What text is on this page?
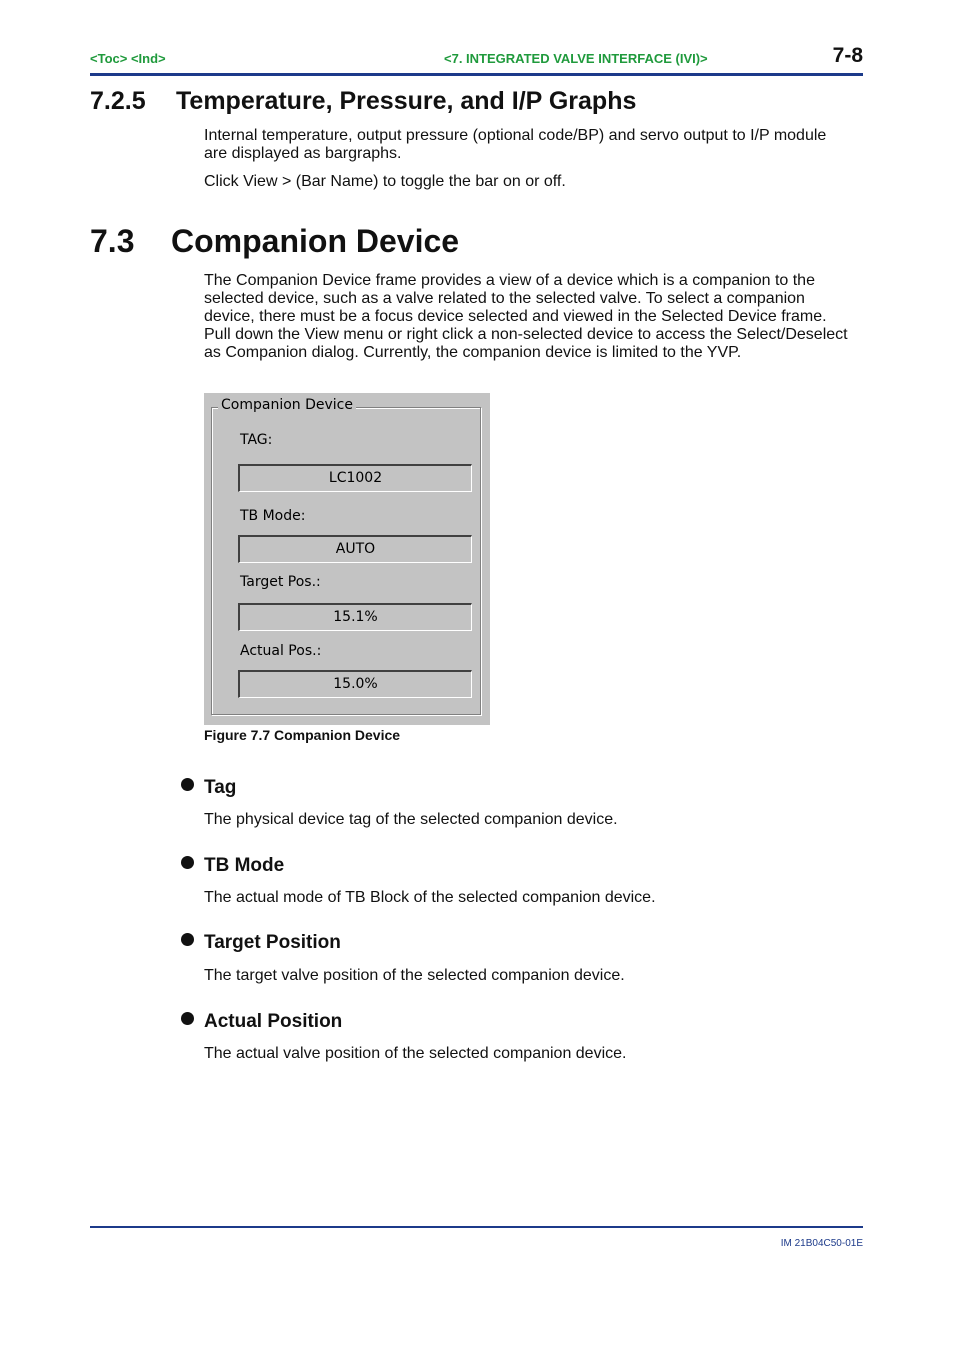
<Toc> <Ind>	<7. INTEGRATED VALVE INTERFACE (IVI)>	7-8
7.2.5 Temperature, Pressure, and I/P Graphs
Internal temperature, output pressure (optional code/BP) and servo output to I/P module
are displayed as bargraphs.
Click View > (Bar Name) to toggle the bar on or off.
7.3 Companion Device
The Companion Device frame provides a view of a device which is a companion to the
selected device, such as a valve related to the selected valve. To select a companion
device, there must be a focus device selected and viewed in the Selected Device frame.
Pull down the View menu or right click a non-selected device to access the Select/Deselect
as Companion dialog. Currently, the companion device is limited to the YVP.
TAG:
LC1002
TB Mode:
AUTO
Target Pos.:
15.1%
Actual Pos.:
15.0%
Companion Device
Figure 7.7 Companion Device
Tag
The physical device tag of the selected companion device.
TB Mode
The actual mode of TB Block of the selected companion device.
Target Position
The target valve position of the selected companion device.
Actual Position
The actual valve position of the selected companion device.
IM 21B04C50-01E
